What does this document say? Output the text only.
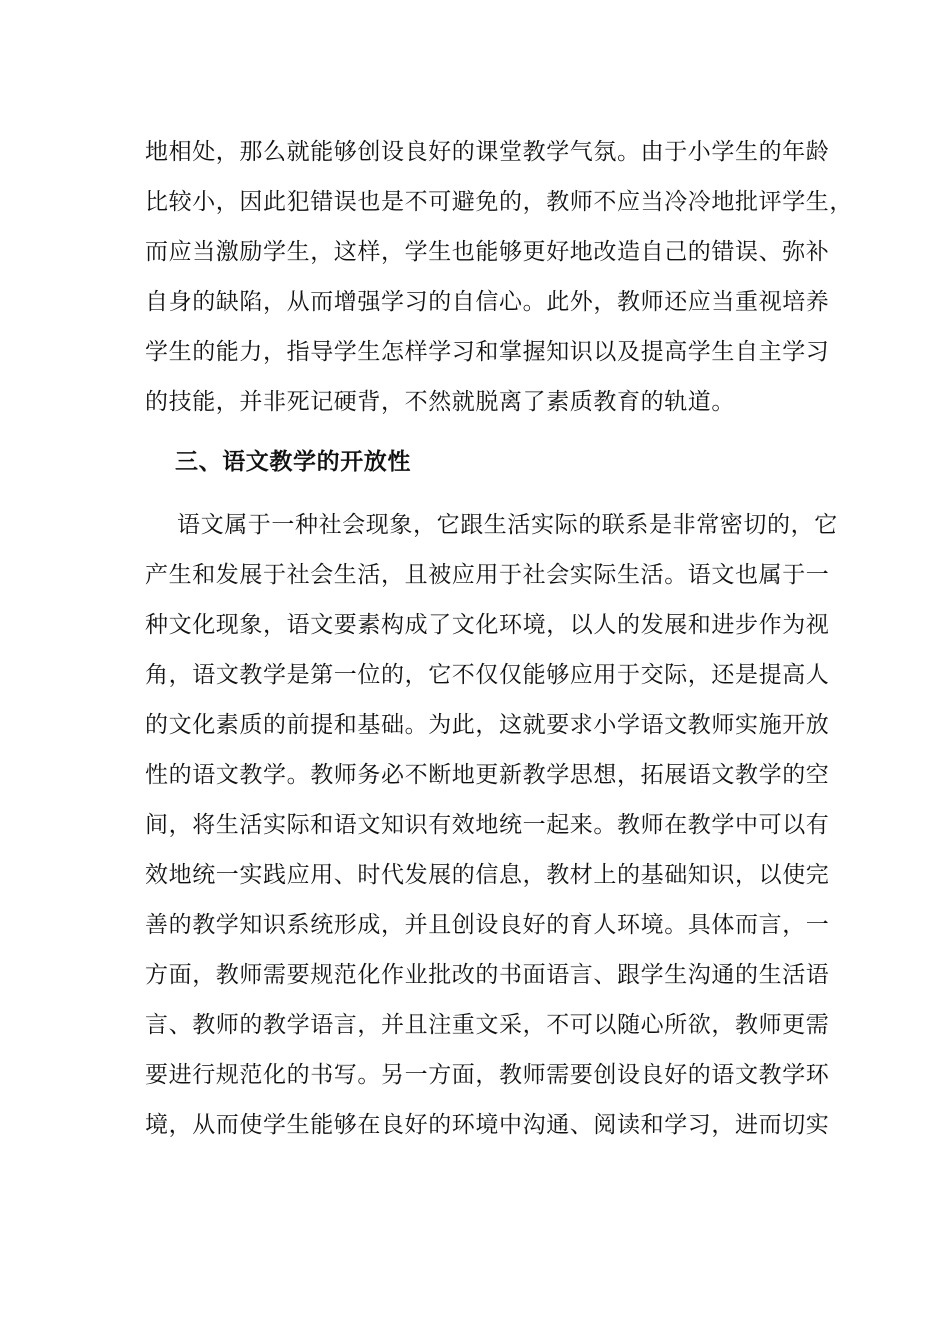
地相处，那么就能够创设良好的课堂教学气氛。由于小学生的年龄
比较小，因此犯错误也是不可避免的，教师不应当冷冷地批评学生，
而应当激励学生，这样，学生也能够更好地改造自己的错误、弥补
自身的缺陷，从而增强学习的自信心。此外，教师还应当重视培养
学生的能力，指导学生怎样学习和掌握知识以及提高学生自主学习
的技能，并非死记硬背，不然就脱离了素质教育的轨道。
三、语文教学的开放性
语文属于一种社会现象，它跟生活实际的联系是非常密切的，它
产生和发展于社会生活，且被应用于社会实际生活。语文也属于一
种文化现象，语文要素构成了文化环境，以人的发展和进步作为视
角，语文教学是第一位的，它不仅仅能够应用于交际，还是提高人
的文化素质的前提和基础。为此，这就要求小学语文教师实施开放
性的语文教学。教师务必不断地更新教学思想，拓展语文教学的空
间，将生活实际和语文知识有效地统一起来。教师在教学中可以有
效地统一实践应用、时代发展的信息，教材上的基础知识，以使完
善的教学知识系统形成，并且创设良好的育人环境。具体而言，一
方面，教师需要规范化作业批改的书面语言、跟学生沟通的生活语
言、教师的教学语言，并且注重文采，不可以随心所欲，教师更需
要进行规范化的书写。另一方面，教师需要创设良好的语文教学环
境，从而使学生能够在良好的环境中沟通、阅读和学习，进而切实
